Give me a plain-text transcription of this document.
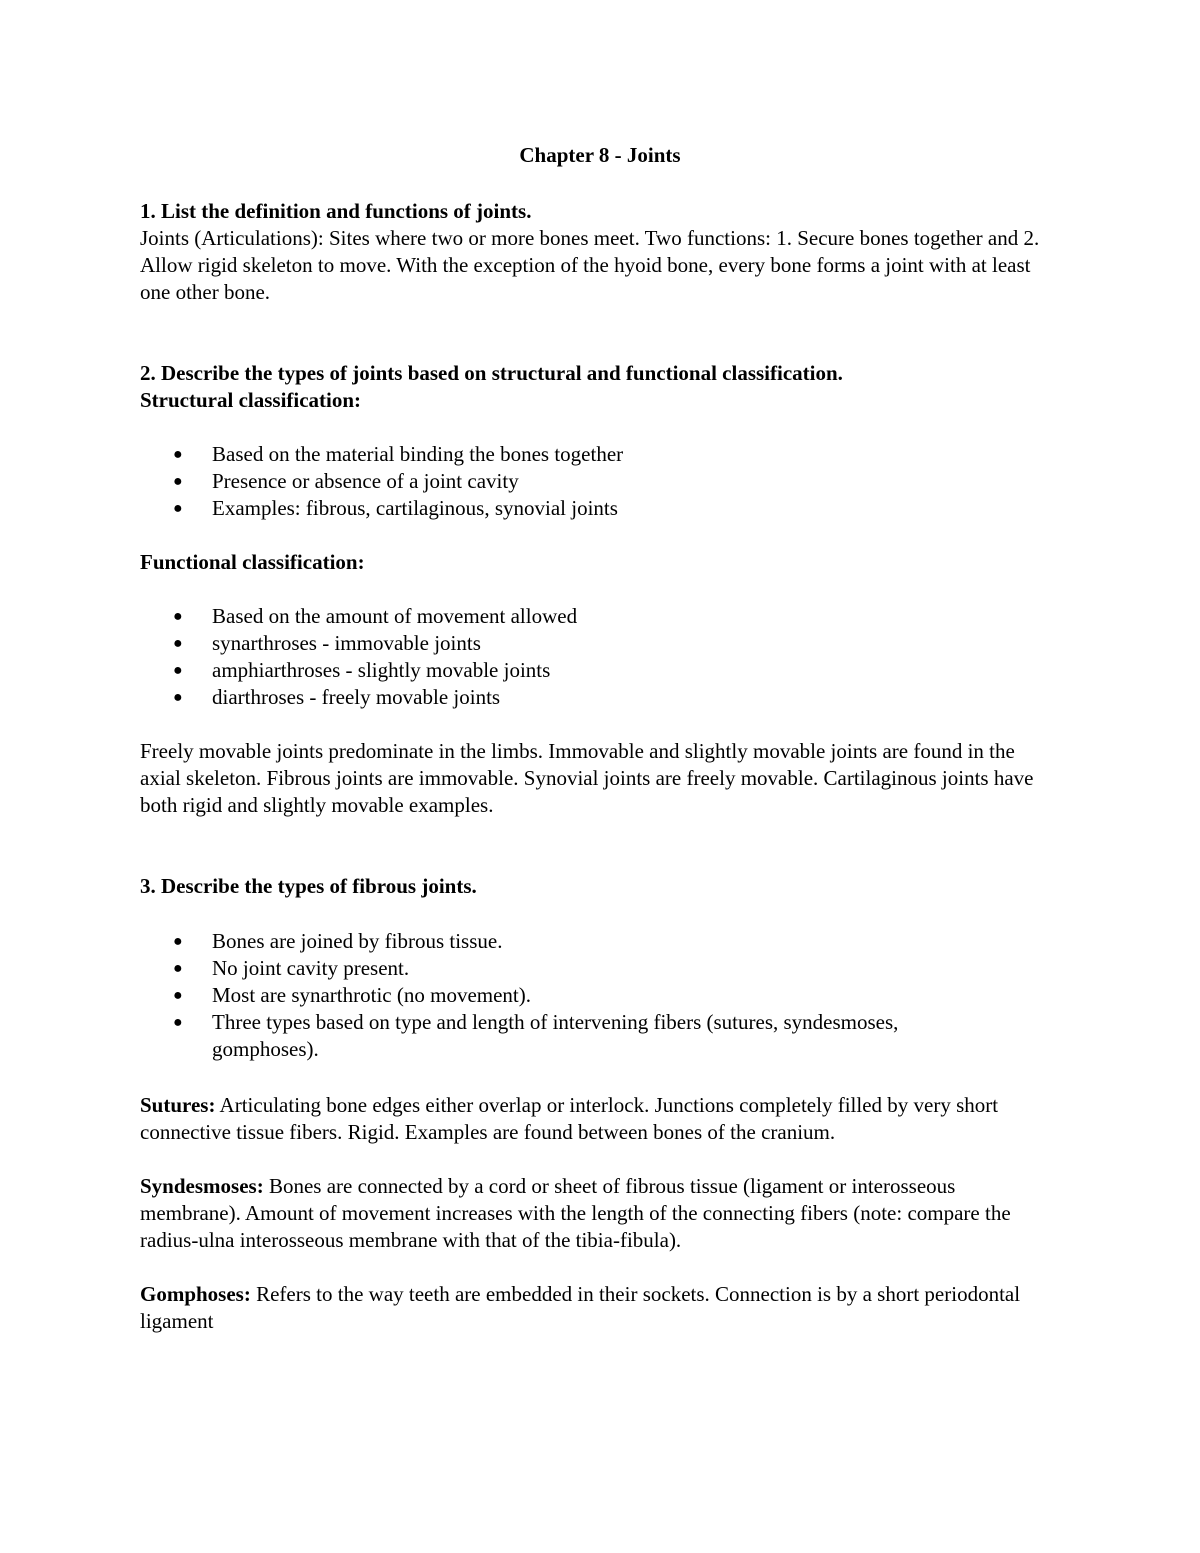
Chapter 8 - Joints

1. List the definition and functions of joints.

Joints (Articulations): Sites where two or more bones meet. Two functions: 1. Secure bones together and 2. Allow rigid skeleton to move. With the exception of the hyoid bone, every bone forms a joint with at least one other bone.

2. Describe the types of joints based on structural and functional classification.

Structural classification:

● Based on the material binding the bones together
● Presence or absence of a joint cavity
● Examples: fibrous, cartilaginous, synovial joints

Functional classification:

● Based on the amount of movement allowed
● synarthroses - immovable joints
● amphiarthroses - slightly movable joints
● diarthroses - freely movable joints

Freely movable joints predominate in the limbs. Immovable and slightly movable joints are found in the axial skeleton. Fibrous joints are immovable. Synovial joints are freely movable. Cartilaginous joints have both rigid and slightly movable examples.

3. Describe the types of fibrous joints.

● Bones are joined by fibrous tissue.
● No joint cavity present.
● Most are synarthrotic (no movement).
● Three types based on type and length of intervening fibers (sutures, syndesmoses, gomphoses).

Sutures: Articulating bone edges either overlap or interlock. Junctions completely filled by very short connective tissue fibers. Rigid. Examples are found between bones of the cranium.

Syndesmoses: Bones are connected by a cord or sheet of fibrous tissue (ligament or interosseous membrane). Amount of movement increases with the length of the connecting fibers (note: compare the radius-ulna interosseous membrane with that of the tibia-fibula).

Gomphoses: Refers to the way teeth are embedded in their sockets. Connection is by a short periodontal ligament
